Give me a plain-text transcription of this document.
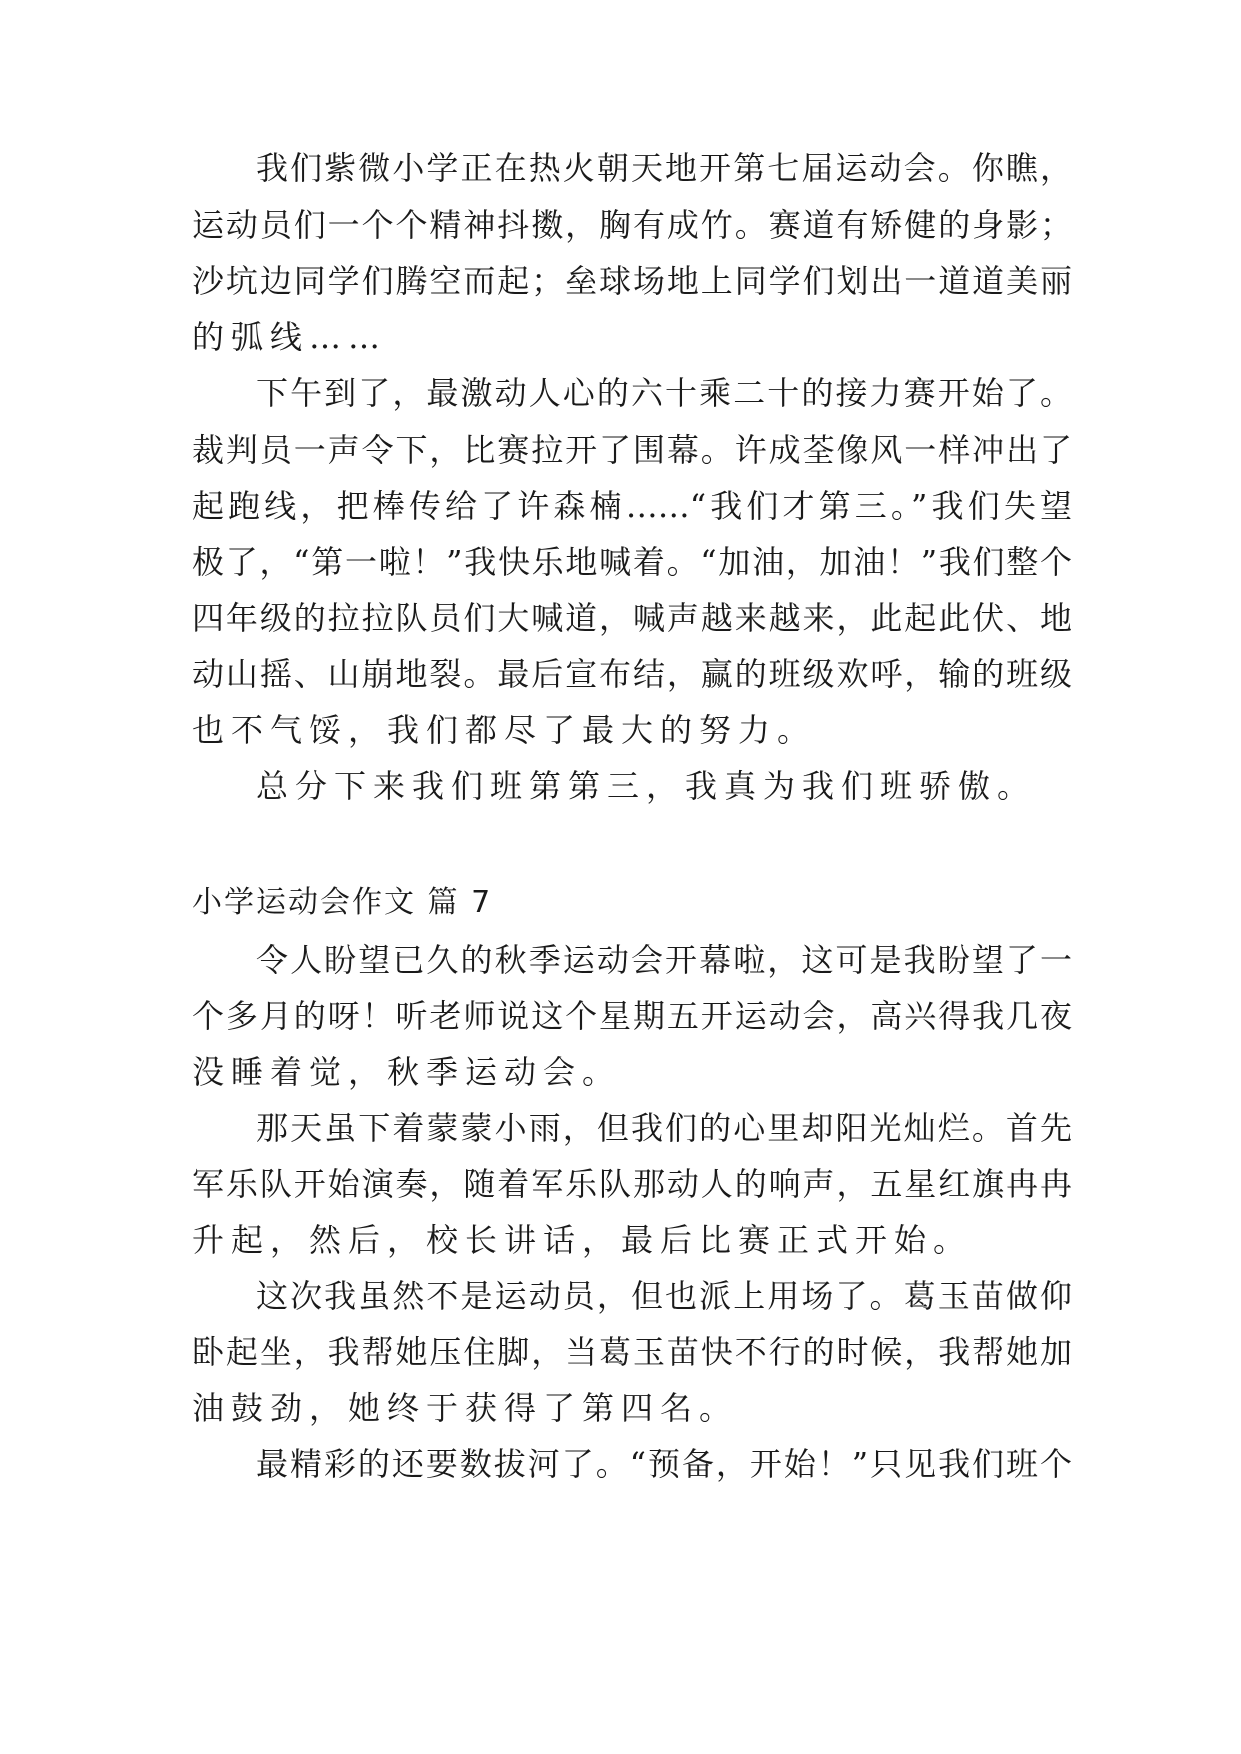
我们紫微小学正在热火朝天地开第七届运动会。你瞧，
运动员们一个个精神抖擞，胸有成竹。赛道有矫健的身影；
沙坑边同学们腾空而起；垒球场地上同学们划出一道道美丽
的弧线……
下午到了，最激动人心的六十乘二十的接力赛开始了。
裁判员一声令下，比赛拉开了围幕。许成荃像风一样冲出了
起跑线，把棒传给了许森楠……“我们才第三。”我们失望
极了，“第一啦！”我快乐地喊着。“加油，加油！”我们整个
四年级的拉拉队员们大喊道，喊声越来越来，此起此伏、地
动山摇、山崩地裂。最后宣布结，赢的班级欢呼，输的班级
也不气馁，我们都尽了最大的努力。
总分下来我们班第第三，我真为我们班骄傲。
小学运动会作文 篇 7
令人盼望已久的秋季运动会开幕啦，这可是我盼望了一
个多月的呀！听老师说这个星期五开运动会，高兴得我几夜
没睡着觉，秋季运动会。
那天虽下着蒙蒙小雨，但我们的心里却阳光灿烂。首先
军乐队开始演奏，随着军乐队那动人的响声，五星红旗冉冉
升起，然后，校长讲话，最后比赛正式开始。
这次我虽然不是运动员，但也派上用场了。葛玉苗做仰
卧起坐，我帮她压住脚，当葛玉苗快不行的时候，我帮她加
油鼓劲，她终于获得了第四名。
最精彩的还要数拔河了。“预备，开始！”只见我们班个
